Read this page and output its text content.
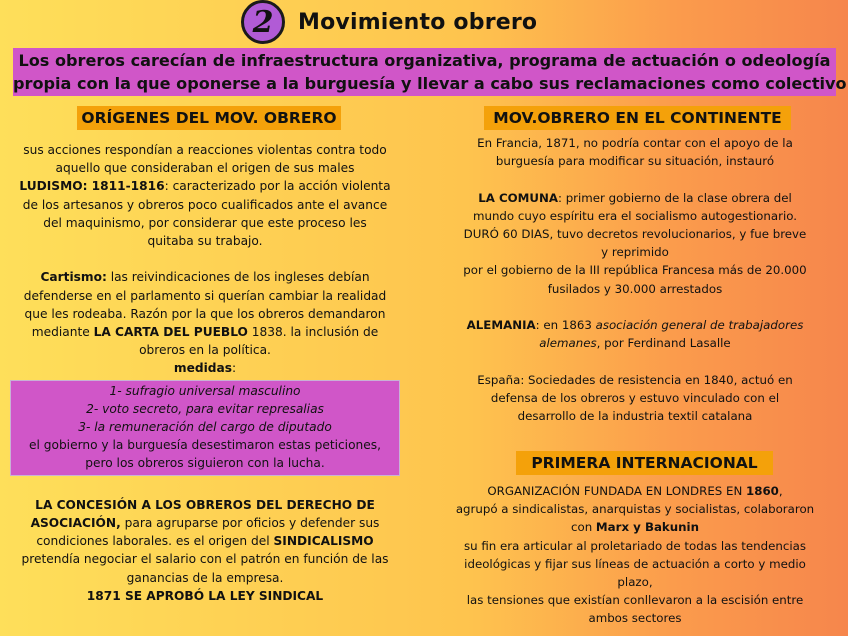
2	Movimiento obrero
Los obreros carecían de infraestructura organizativa, programa de actuación o odeología
propia con la que oponerse a la burguesía y llevar a cabo sus reclamaciones como colectivo
ORÍGENES DEL MOV. OBRERO

sus acciones respondían a reacciones violentas contra todo

aquello que consideraban el origen de sus males

LUDISMO: 1811-1816: caracterizado por la acción violenta

de los artesanos y obreros poco cualificados ante el avance

del maquinismo, por considerar que este proceso les

quitaba su trabajo.

Cartismo: las reivindicaciones de los ingleses debían

defenderse en el parlamento si querían cambiar la realidad

que les rodeaba. Razón por la que los obreros demandaron

mediante LA CARTA DEL PUEBLO 1838. la inclusión de

obreros en la política.

medidas:

1- sufragio universal masculino

2- voto secreto, para evitar represalias

3- la remuneración del cargo de diputado

el gobierno y la burguesía desestimaron estas peticiones,

pero los obreros siguieron con la lucha.

LA CONCESIÓN A LOS OBREROS DEL DERECHO DE

ASOCIACIÓN, para agruparse por oficios y defender sus

condiciones laborales. es el origen del SINDICALISMO

pretendía negociar el salario con el patrón en función de las

ganancias de la empresa.

1871 SE APROBÓ LA LEY SINDICAL

MOV.OBRERO EN EL CONTINENTE

En Francia, 1871, no podría contar con el apoyo de la

burguesía para modificar su situación, instauró

LA COMUNA: primer gobierno de la clase obrera del

mundo cuyo espíritu era el socialismo autogestionario.

DURÓ 60 DIAS, tuvo decretos revolucionarios, y fue breve

y reprimido

por el gobierno de la III república Francesa más de 20.000

fusilados y 30.000 arrestados

ALEMANIA: en 1863 asociación general de trabajadores

alemanes, por Ferdinand Lasalle

España: Sociedades de resistencia en 1840, actuó en

defensa de los obreros y estuvo vinculado con el

desarrollo de la industria textil catalana

PRIMERA INTERNACIONAL

ORGANIZACIÓN FUNDADA EN LONDRES EN 1860,

agrupó a sindicalistas, anarquistas y socialistas, colaboraron

con Marx y Bakunin

su fin era articular al proletariado de todas las tendencias

ideológicas y fijar sus líneas de actuación a corto y medio

plazo,

las tensiones que existían conllevaron a la escisión entre

ambos sectores
